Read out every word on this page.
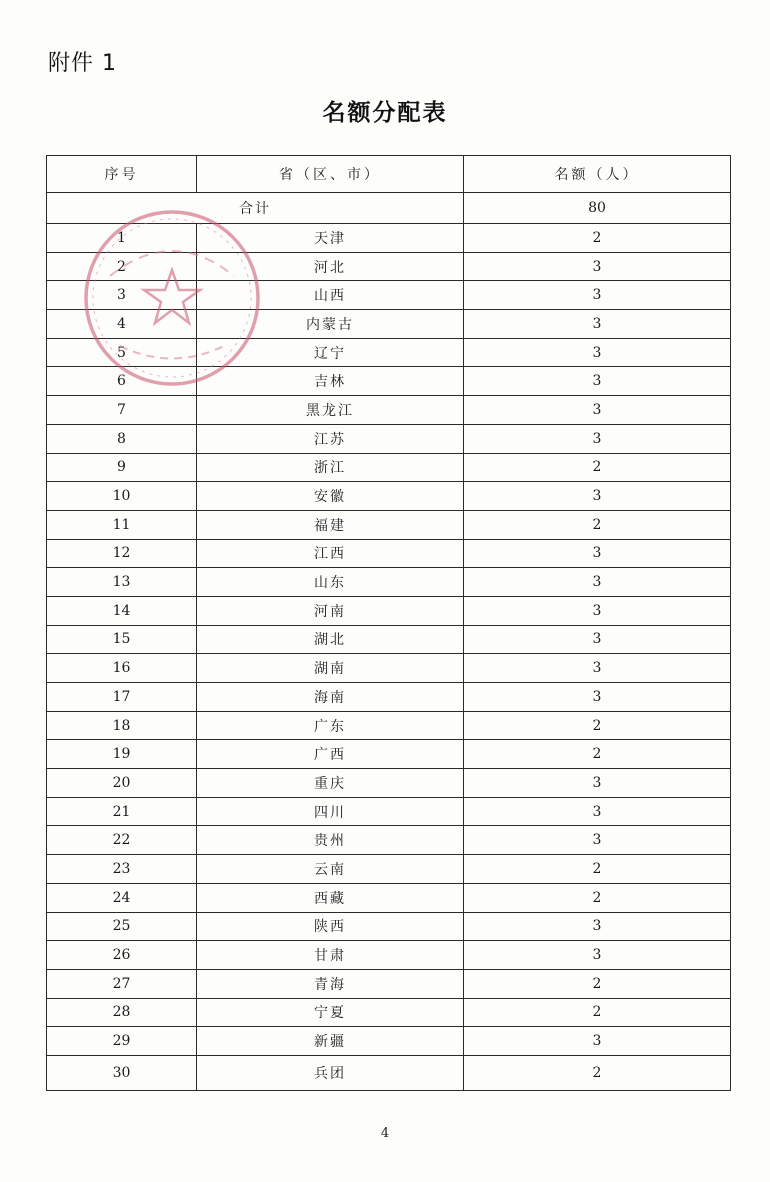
附件 1
名额分配表
序号	省（区、市）	名额（人）
合计		80
1	天津	2
2	河北	3
3	山西	3
4	内蒙古	3
5	辽宁	3
6	吉林	3
7	黑龙江	3
8	江苏	3
9	浙江	2
10	安徽	3
11	福建	2
12	江西	3
13	山东	3
14	河南	3
15	湖北	3
16	湖南	3
17	海南	3
18	广东	2
19	广西	2
20	重庆	3
21	四川	3
22	贵州	3
23	云南	2
24	西藏	2
25	陕西	3
26	甘肃	3
27	青海	2
28	宁夏	2
29	新疆	3
30	兵团	2
4
